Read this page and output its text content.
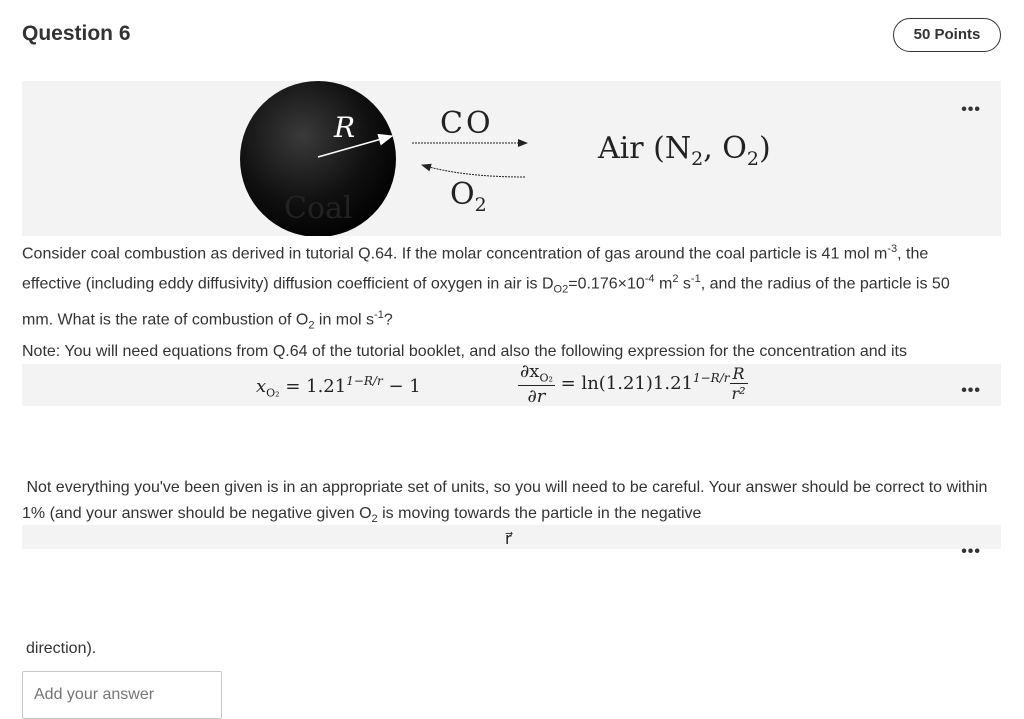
Question 6	50 Points
•••
R	CO
$O_2$
Air ($N_2$, $O_2$)
Coal
Consider coal combustion as derived in tutorial Q.64. If the molar concentration of gas around the coal particle is 41 mol $m^{-3}$, the effective (including eddy diffusivity) diffusion coefficient of oxygen in air is $D_{O2}=0.176\times 10^{-4}$ $m^2$ $s^{-1}$, and the radius of the particle is 50 mm. What is the rate of combustion of $O_2$ in mol $s^{-1}$?
Note: You will need equations from Q.64 of the tutorial booklet, and also the following expression for the concentration and its
•••
$x_{O_2} = 1.21^{1-R/r} - 1$	$\frac{\partial x_{O_2}}{\partial r} = \ln(1.21)1.21^{1-R/r} \frac{R}{\text{r²}}$
Not everything you've been given is in an appropriate set of units, so you will need to be careful. Your answer should be correct to within 1% (and your answer should be negative given $O_2$ is moving towards the particle in the negative
•••
r⃗
direction).
Add your answer
